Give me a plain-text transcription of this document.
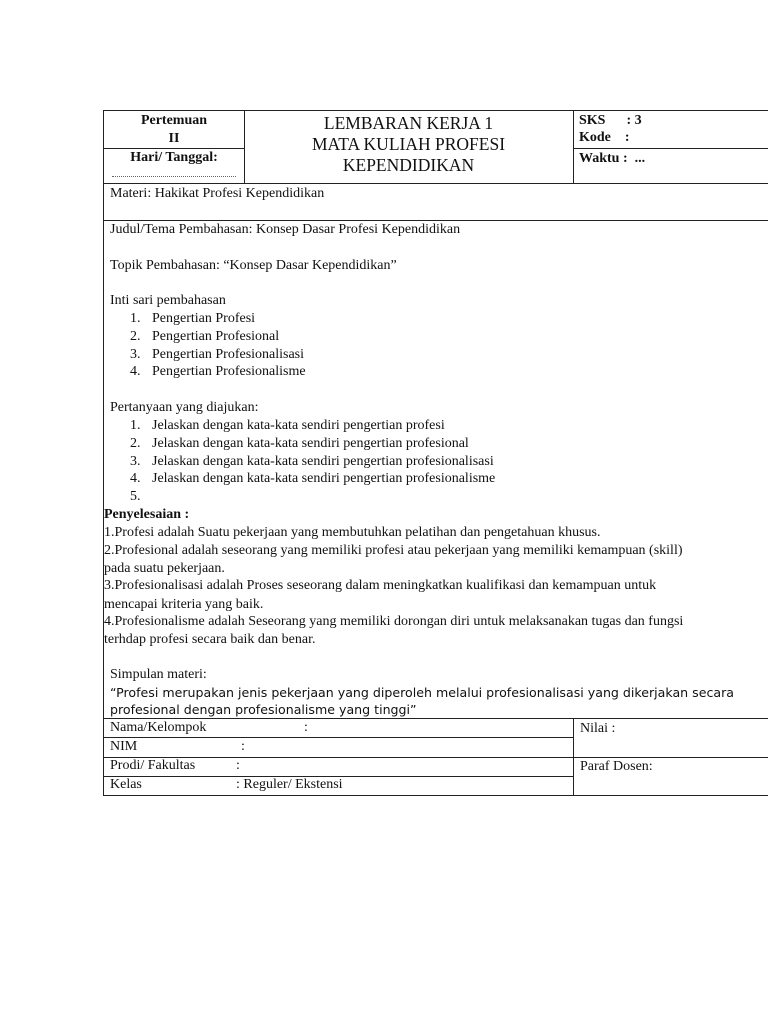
Pertemuan
II
Hari/ Tanggal:
LEMBARAN KERJA 1
MATA KULIAH PROFESI
KEPENDIDIKAN
SKS      : 3
Kode    :
Waktu :  ...
Materi: Hakikat Profesi Kependidikan
Judul/Tema Pembahasan: Konsep Dasar Profesi Kependidikan
Topik Pembahasan: “Konsep Dasar Kependidikan”
Inti sari pembahasan
1. Pengertian Profesi
2. Pengertian Profesional
3. Pengertian Profesionalisasi
4. Pengertian Profesionalisme
Pertanyaan yang diajukan:
1. Jelaskan dengan kata-kata sendiri pengertian profesi
2. Jelaskan dengan kata-kata sendiri pengertian profesional
3. Jelaskan dengan kata-kata sendiri pengertian profesionalisasi
4. Jelaskan dengan kata-kata sendiri pengertian profesionalisme
5.

Penyelesaian :
1.Profesi adalah Suatu pekerjaan yang membutuhkan pelatihan dan pengetahuan khusus.
2.Profesional adalah seseorang yang memiliki profesi atau pekerjaan yang memiliki kemampuan (skill)
pada suatu pekerjaan.
3.Profesionalisasi adalah Proses seseorang dalam meningkatkan kualifikasi dan kemampuan untuk
mencapai kriteria yang baik.
4.Profesionalisme adalah Seseorang yang memiliki dorongan diri untuk melaksanakan tugas dan fungsi
terhdap profesi secara baik dan benar.
Simpulan materi:
“Profesi merupakan jenis pekerjaan yang diperoleh melalui profesionalisasi yang dikerjakan secara
profesional dengan profesionalisme yang tinggi”
Nama/Kelompok	:
NIM	:
Prodi/ Fakultas	:
Kelas	: Reguler/ Ekstensi
Nilai :
Paraf Dosen:
